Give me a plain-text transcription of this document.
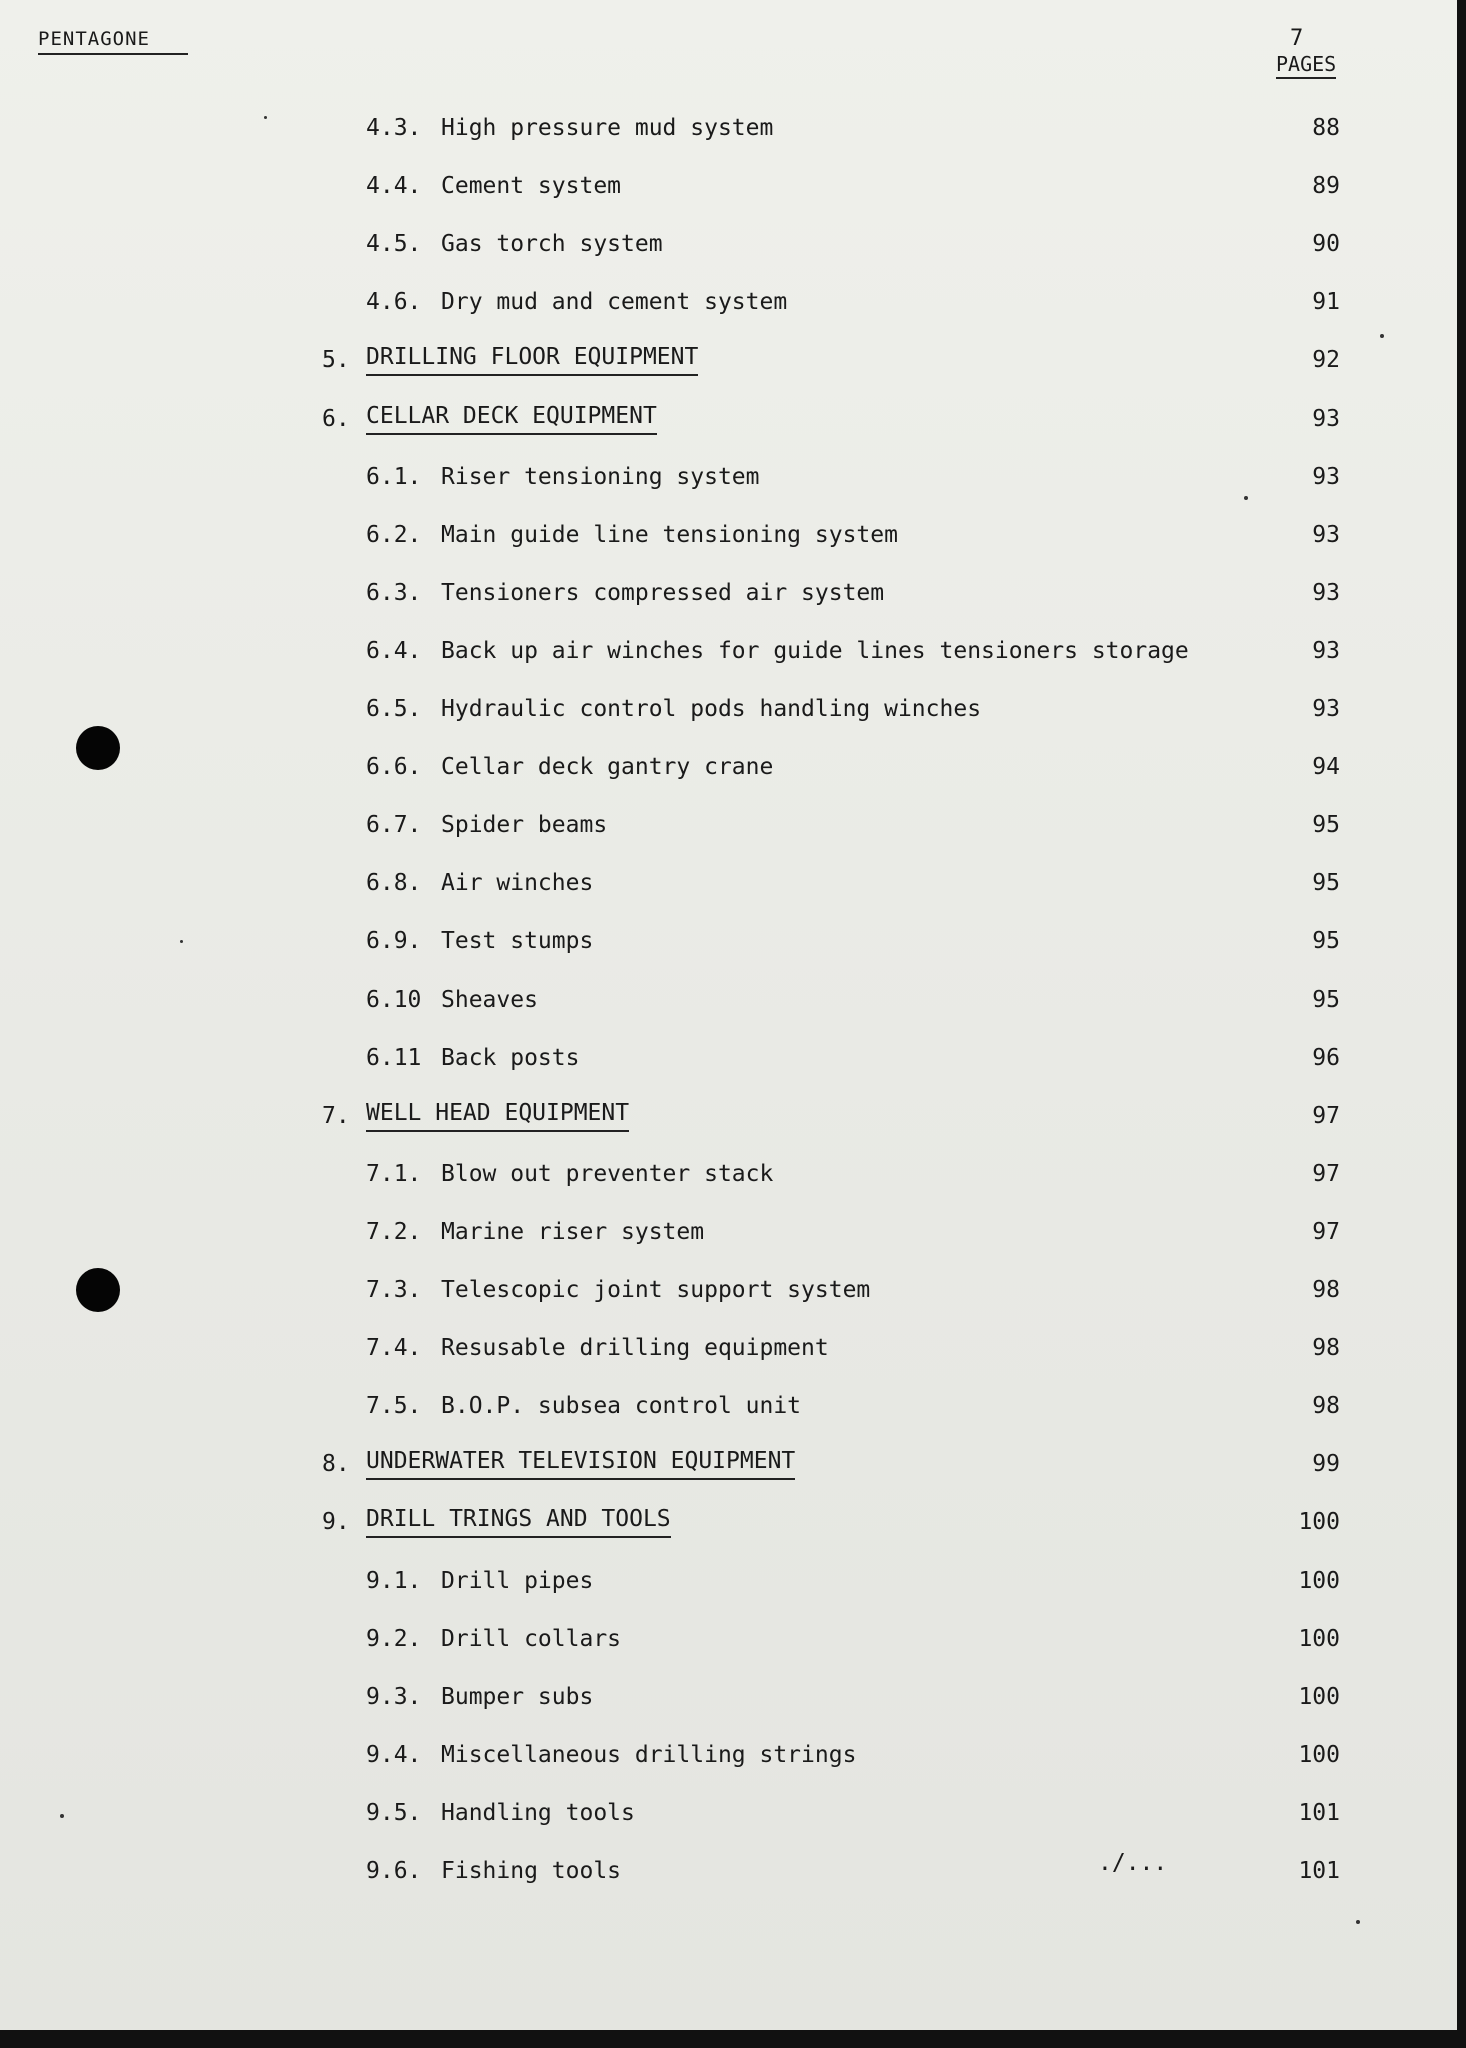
PENTAGONE	7
PAGES
4.3. High pressure mud system	88
4.4. Cement system	89
4.5. Gas torch system	90
4.6. Dry mud and cement system	91
5. DRILLING FLOOR EQUIPMENT	92
6. CELLAR DECK EQUIPMENT	93
6.1. Riser tensioning system	93
6.2. Main guide line tensioning system	93
6.3. Tensioners compressed air system	93
6.4. Back up air winches for guide lines tensioners storage	93
6.5. Hydraulic control pods handling winches	93
6.6. Cellar deck gantry crane	94
6.7. Spider beams	95
6.8. Air winches	95
6.9. Test stumps	95
6.10 Sheaves	95
6.11 Back posts	96
7. WELL HEAD EQUIPMENT	97
7.1. Blow out preventer stack	97
7.2. Marine riser system	97
7.3. Telescopic joint support system	98
7.4. Resusable drilling equipment	98
7.5. B.O.P. subsea control unit	98
8. UNDERWATER TELEVISION EQUIPMENT	99
9. DRILL TRINGS AND TOOLS	100
9.1. Drill pipes	100
9.2. Drill collars	100
9.3. Bumper subs	100
9.4. Miscellaneous drilling strings	100
9.5. Handling tools	101
9.6. Fishing tools	101
./...
